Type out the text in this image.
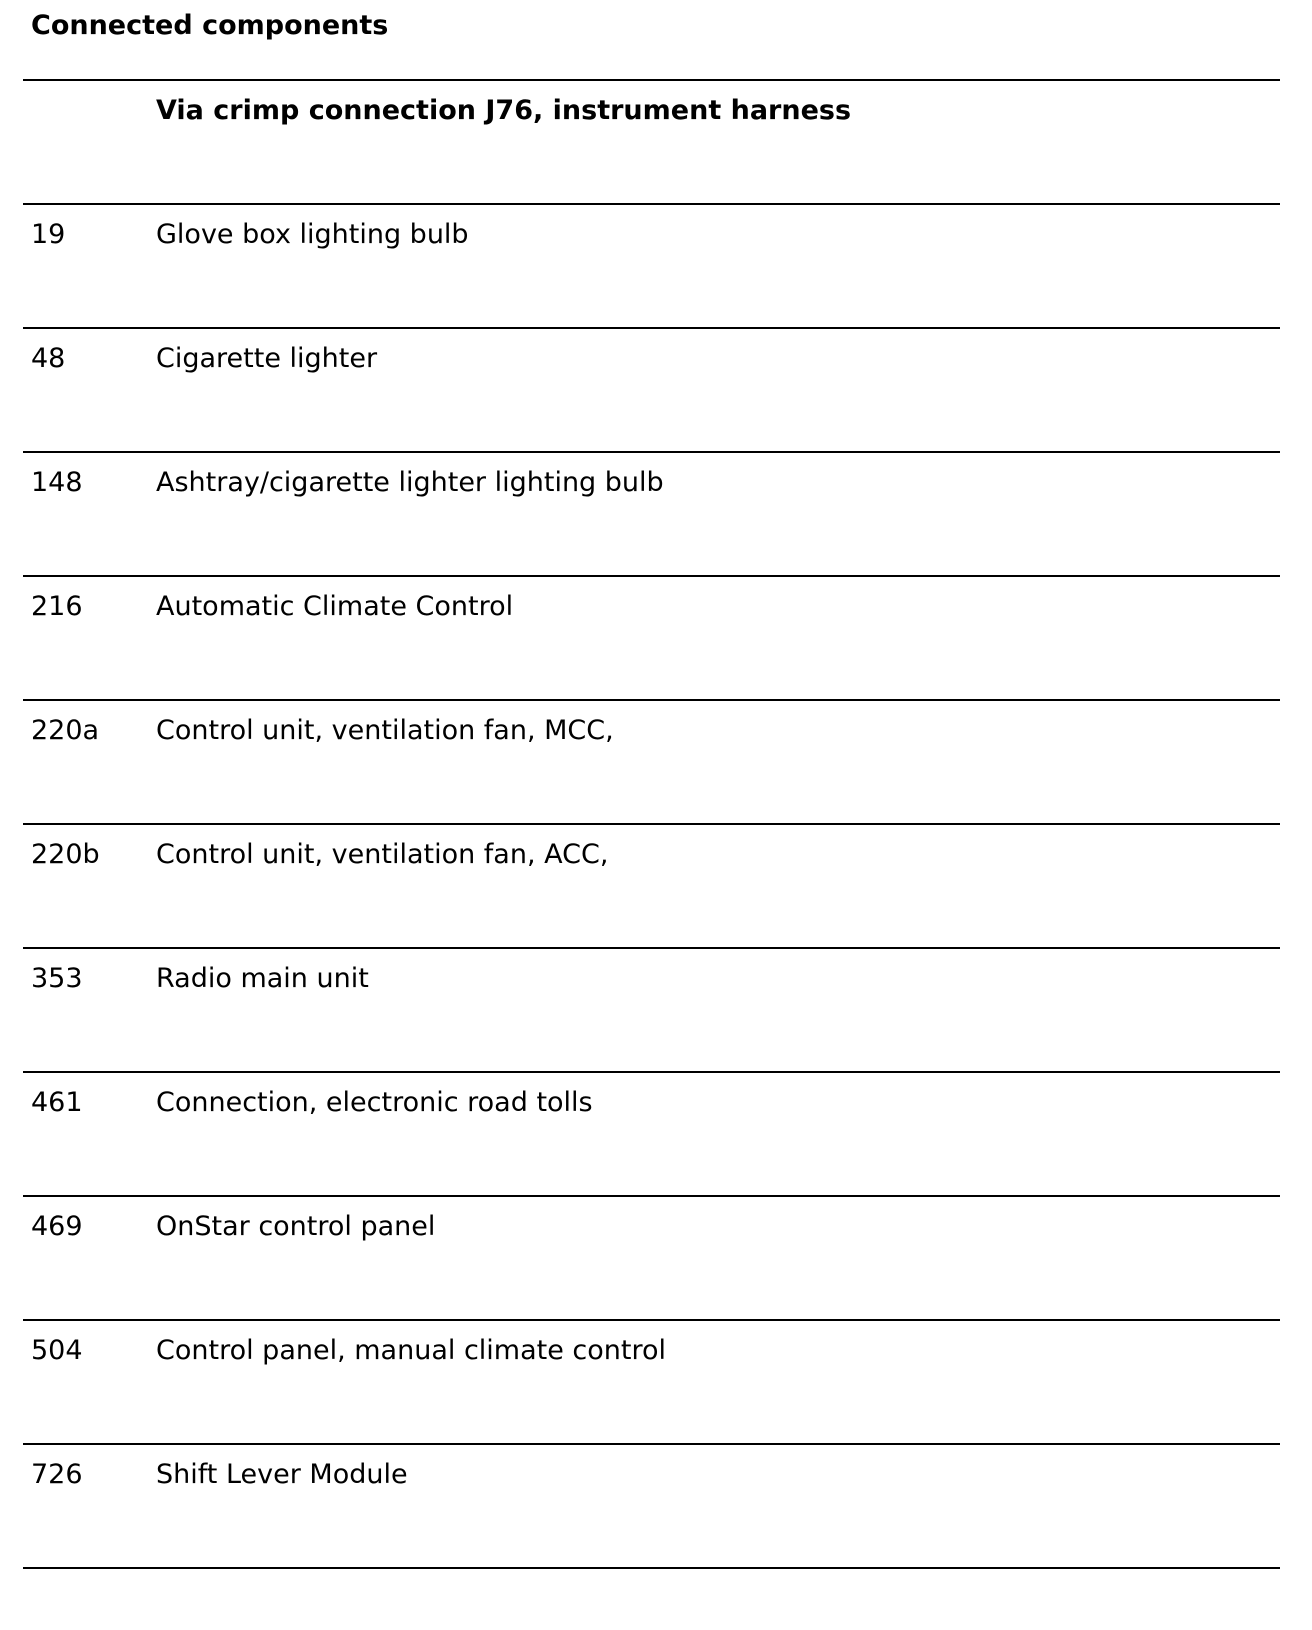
Connected components
Via crimp connection J76, instrument harness
19	Glove box lighting bulb
48	Cigarette lighter
148	Ashtray/cigarette lighter lighting bulb
216	Automatic Climate Control
220a Control unit, ventilation fan, MCC,
220b Control unit, ventilation fan, ACC,
353	Radio main unit
461	Connection, electronic road tolls
469	OnStar control panel
504	Control panel, manual climate control
726	Shift Lever Module
